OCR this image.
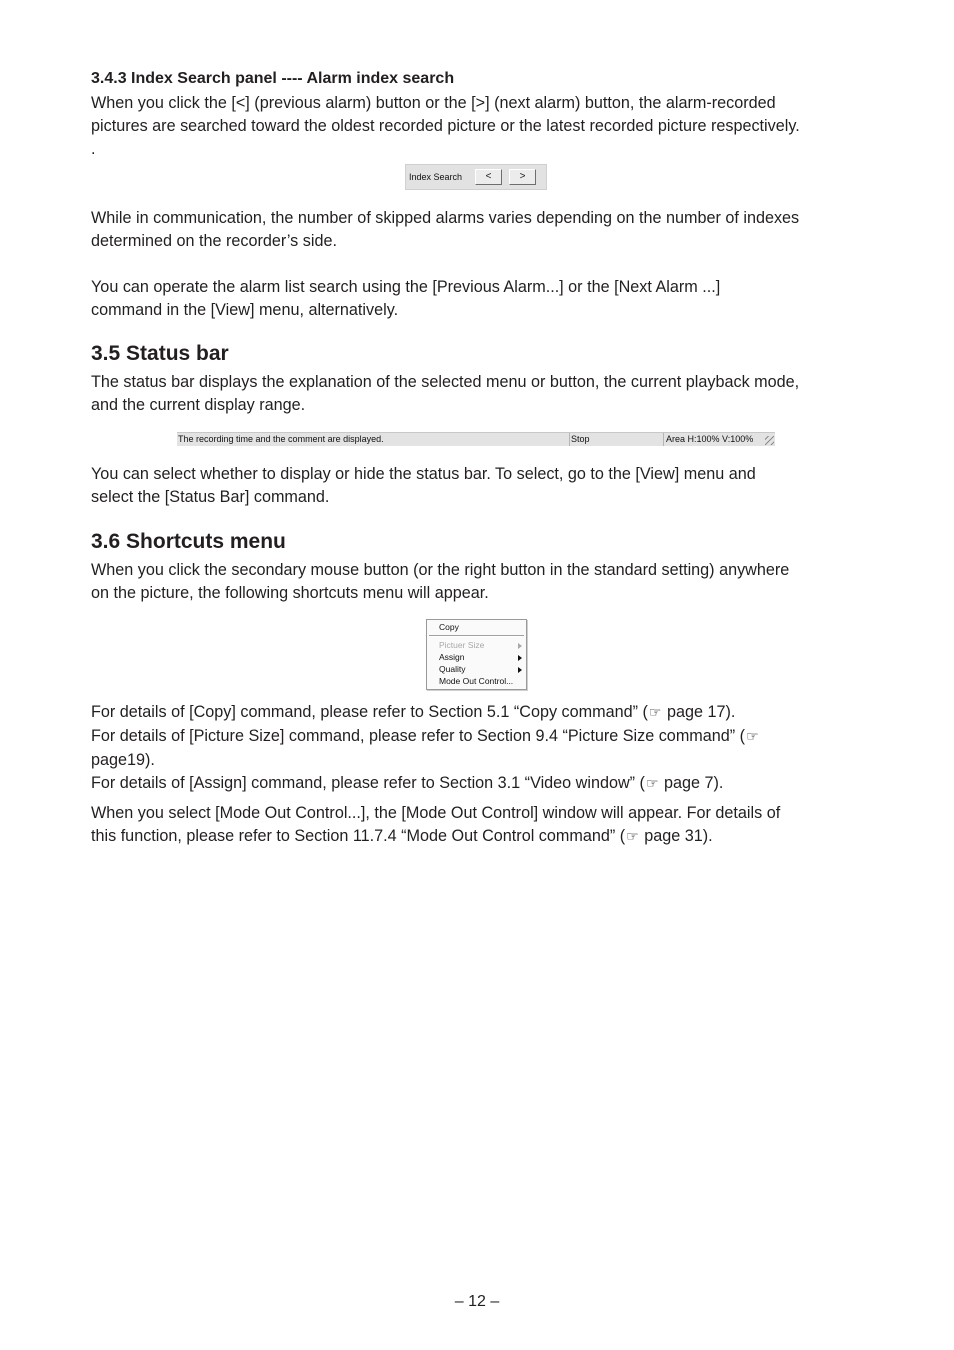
3.4.3 Index Search panel ---- Alarm index search

When you click the [<] (previous alarm) button or the [>] (next alarm) button, the alarm-recorded
pictures are searched toward the oldest recorded picture or the latest recorded picture respectively.
.

Index Search	<	>

While in communication, the number of skipped alarms varies depending on the number of indexes
determined on the recorder’s side.

You can operate the alarm list search using the [Previous Alarm...] or the [Next Alarm ...]
command in the [View] menu, alternatively.

3.5 Status bar

The status bar displays the explanation of the selected menu or button, the current playback mode,
and the current display range.

The recording time and the comment are displayed.	Stop	Area H:100% V:100%

You can select whether to display or hide the status bar. To select, go to the [View] menu and
select the [Status Bar] command.

3.6 Shortcuts menu

When you click the secondary mouse button (or the right button in the standard setting) anywhere
on the picture, the following shortcuts menu will appear.

Copy
Pictuer Size
Assign
Quality
Mode Out Control...

For details of [Copy] command, please refer to Section 5.1 “Copy command” (☞ page 17).
For details of [Picture Size] command, please refer to Section 9.4 “Picture Size command” (☞
page19).
For details of [Assign] command, please refer to Section 3.1 “Video window” (☞ page 7).

When you select [Mode Out Control...], the [Mode Out Control] window will appear. For details of
this function, please refer to Section 11.7.4 “Mode Out Control command” (☞ page 31).

– 12 –
